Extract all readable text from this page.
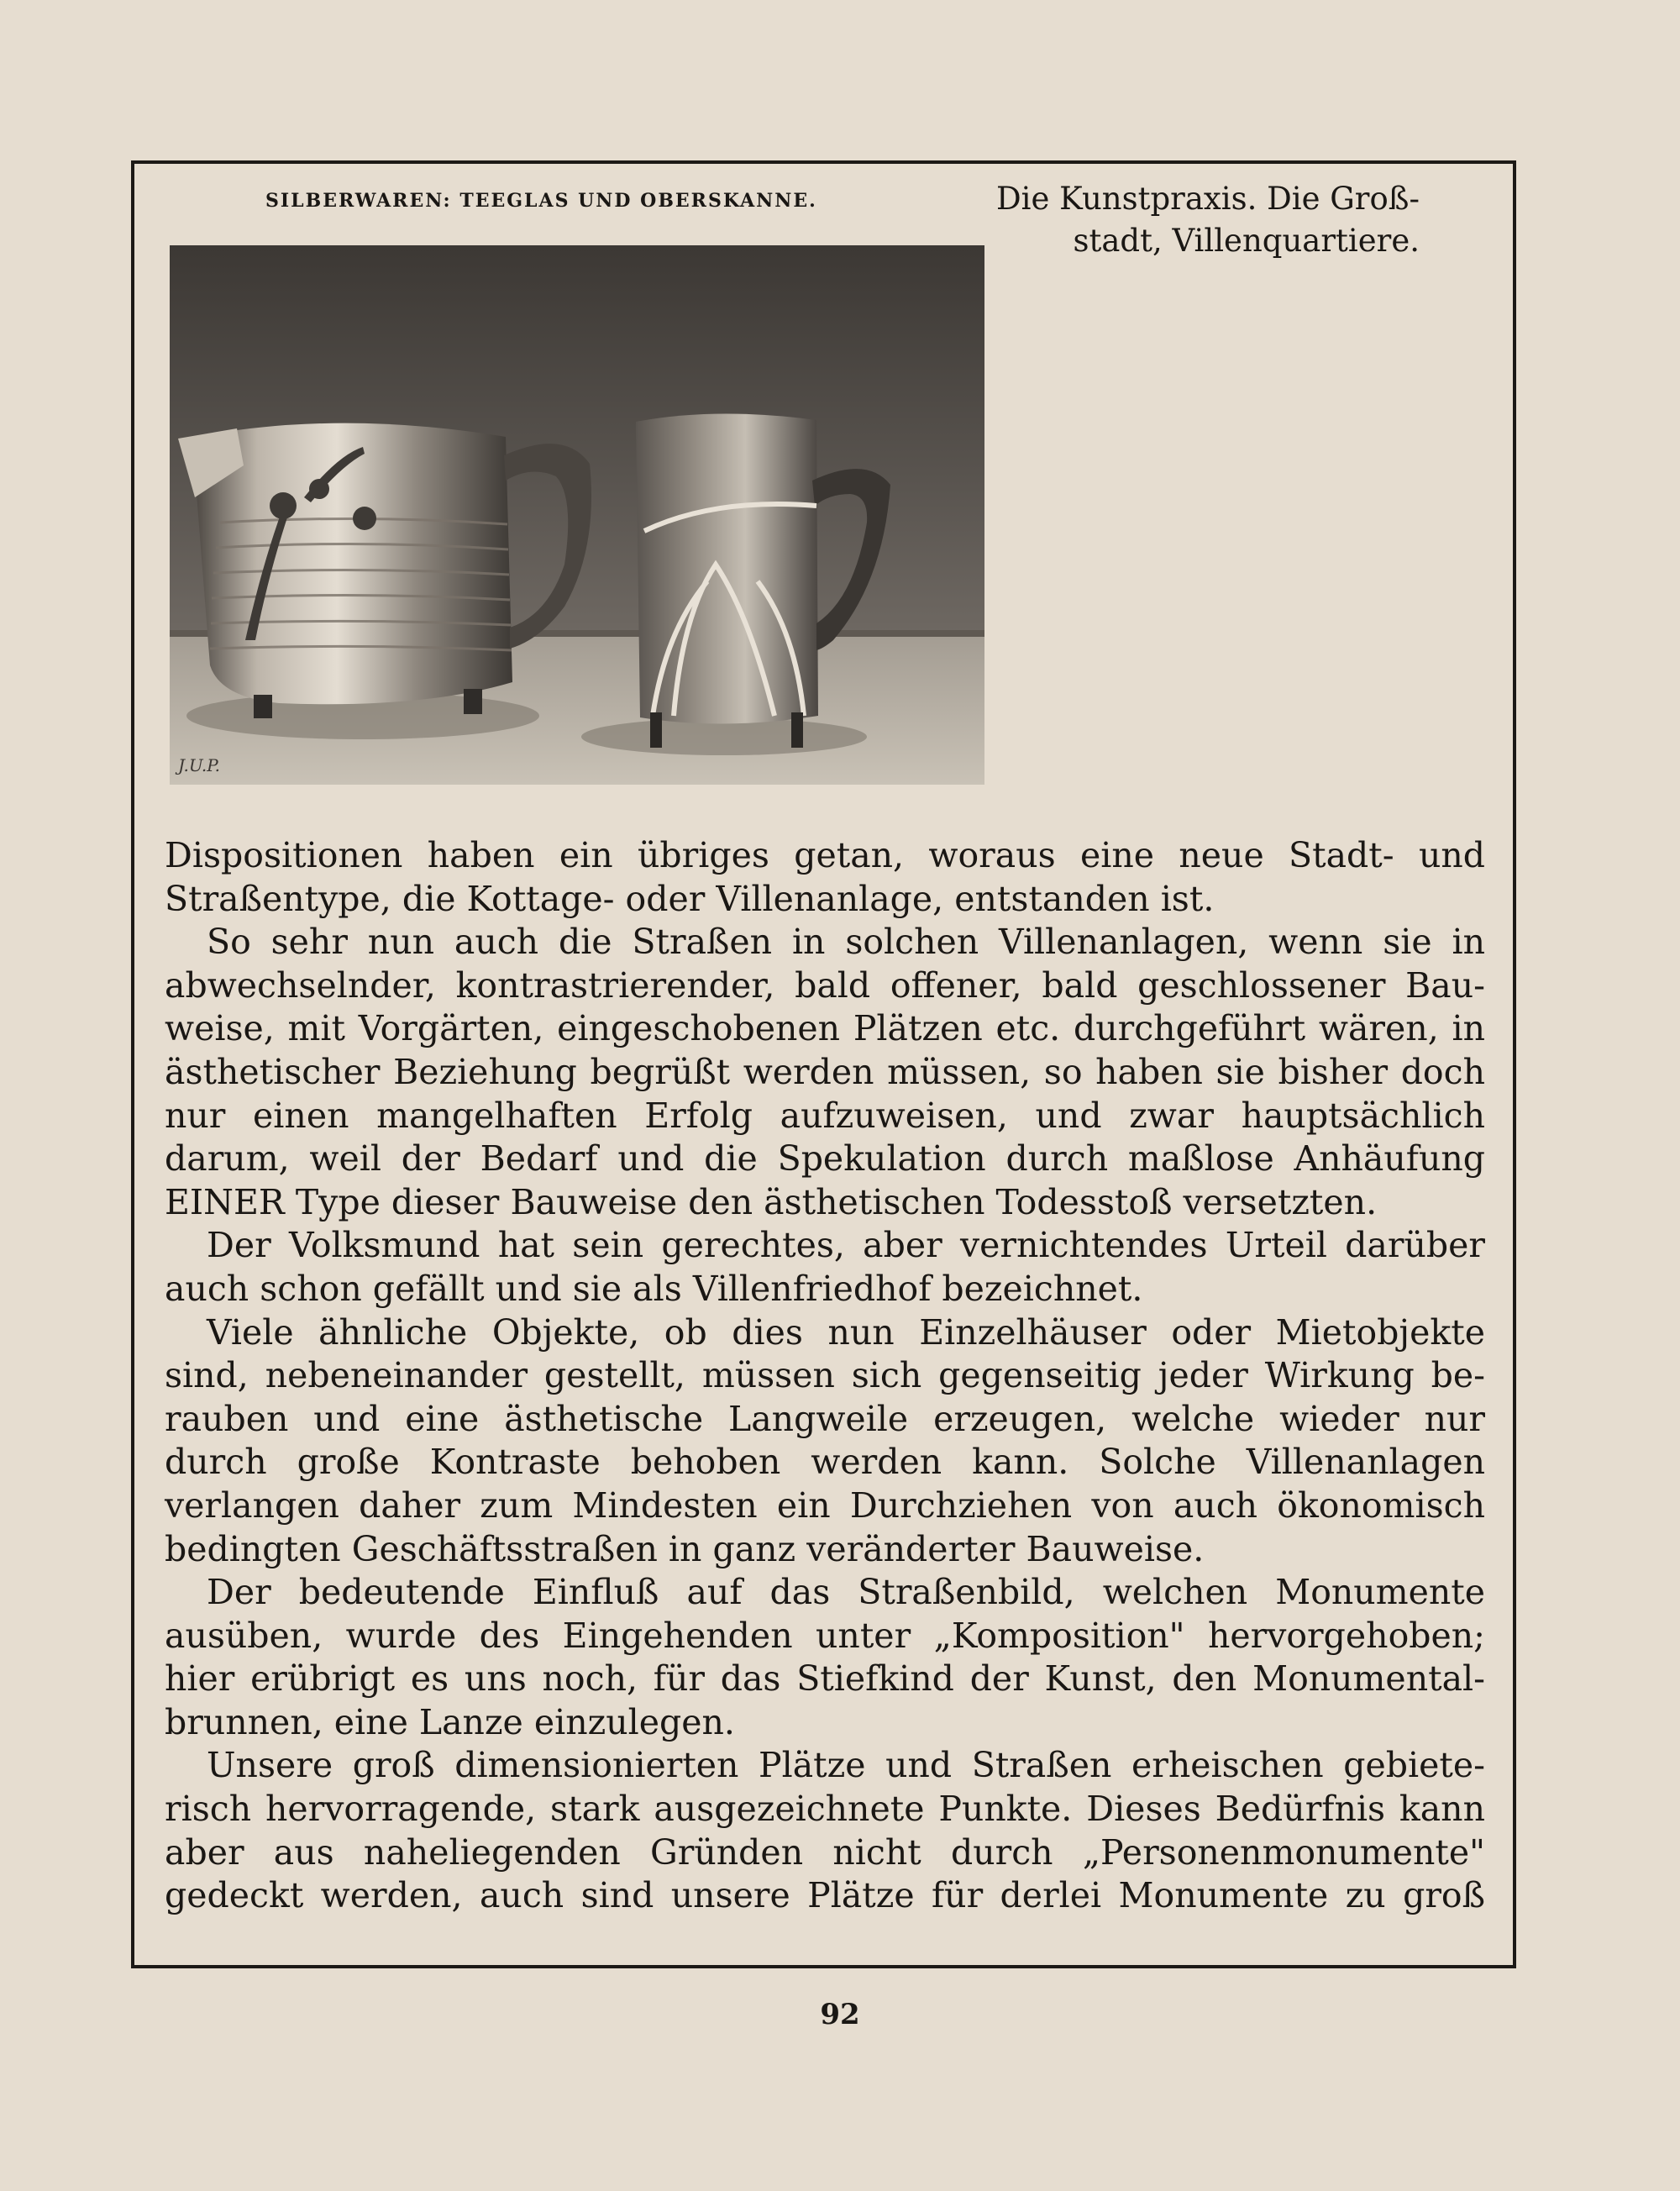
SILBERWAREN: TEEGLAS UND OBERSKANNE.	Die Kunstpraxis. Die Groß-
stadt, Villenquartiere.
J.U.P.
Dispositionen haben ein übriges getan, woraus eine neue Stadt- und
Straßentype, die Kottage- oder Villenanlage, entstanden ist.
So sehr nun auch die Straßen in solchen Villenanlagen, wenn sie in
abwechselnder, kontrastrierender, bald offener, bald geschlossener Bau-
weise, mit Vorgärten, eingeschobenen Plätzen etc. durchgeführt wären, in
ästhetischer Beziehung begrüßt werden müssen, so haben sie bisher doch
nur einen mangelhaften Erfolg aufzuweisen, und zwar hauptsächlich
darum, weil der Bedarf und die Spekulation durch maßlose Anhäufung
EINER Type dieser Bauweise den ästhetischen Todesstoß versetzten.
Der Volksmund hat sein gerechtes, aber vernichtendes Urteil darüber
auch schon gefällt und sie als Villenfriedhof bezeichnet.
Viele ähnliche Objekte, ob dies nun Einzelhäuser oder Mietobjekte
sind, nebeneinander gestellt, müssen sich gegenseitig jeder Wirkung be-
rauben und eine ästhetische Langweile erzeugen, welche wieder nur
durch große Kontraste behoben werden kann. Solche Villenanlagen
verlangen daher zum Mindesten ein Durchziehen von auch ökonomisch
bedingten Geschäftsstraßen in ganz veränderter Bauweise.
Der bedeutende Einfluß auf das Straßenbild, welchen Monumente
ausüben, wurde des Eingehenden unter „Komposition" hervorgehoben;
hier erübrigt es uns noch, für das Stiefkind der Kunst, den Monumental-
brunnen, eine Lanze einzulegen.
Unsere groß dimensionierten Plätze und Straßen erheischen gebiete-
risch hervorragende, stark ausgezeichnete Punkte. Dieses Bedürfnis kann
aber aus naheliegenden Gründen nicht durch „Personenmonumente"
gedeckt werden, auch sind unsere Plätze für derlei Monumente zu groß
92
